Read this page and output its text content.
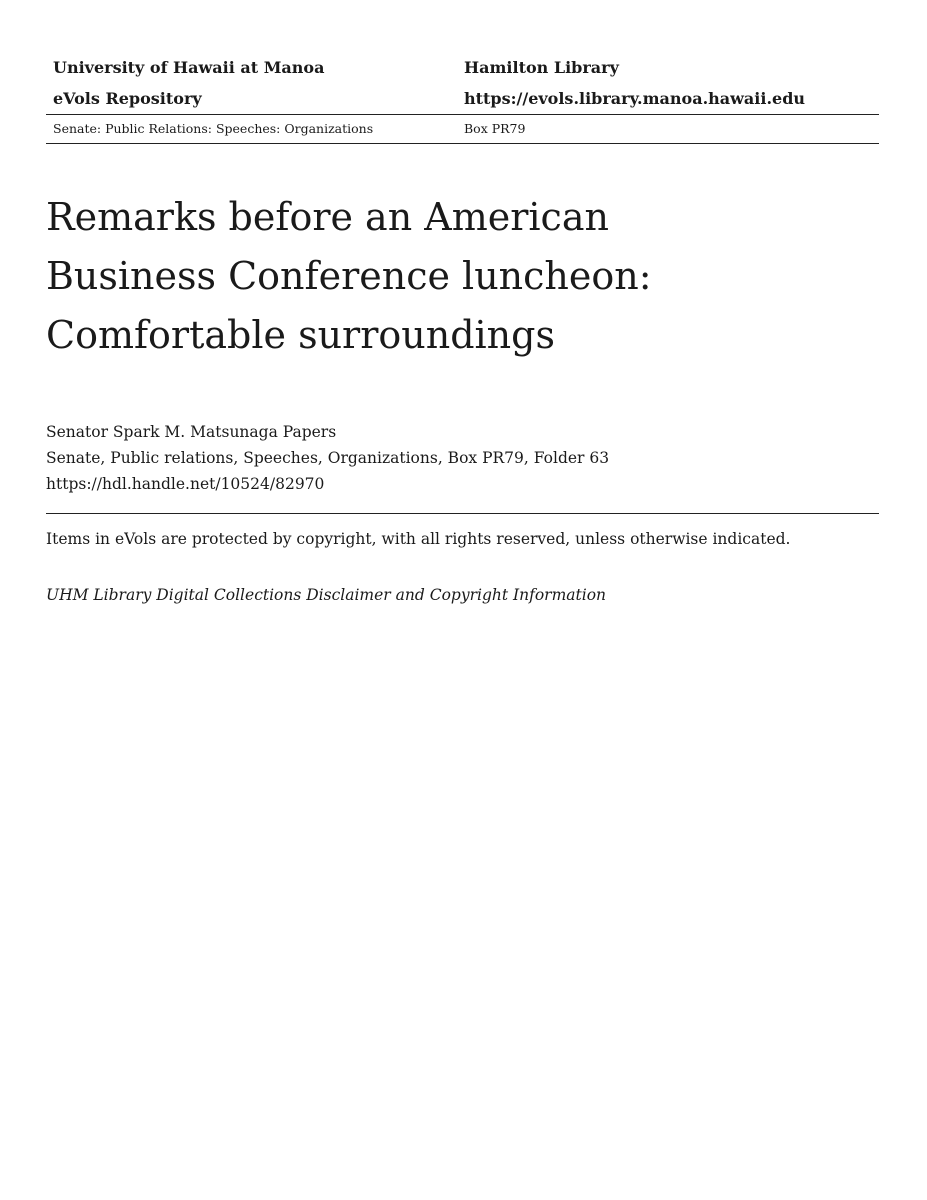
University of Hawaii at Manoa	Hamilton Library
eVols Repository	https://evols.library.manoa.hawaii.edu
Senate: Public Relations: Speeches: Organizations	Box PR79
Remarks before an American
Business Conference luncheon:
Comfortable surroundings
Senator Spark M. Matsunaga Papers
Senate, Public relations, Speeches, Organizations, Box PR79, Folder 63
https://hdl.handle.net/10524/82970
Items in eVols are protected by copyright, with all rights reserved, unless otherwise indicated.
UHM Library Digital Collections Disclaimer and Copyright Information
